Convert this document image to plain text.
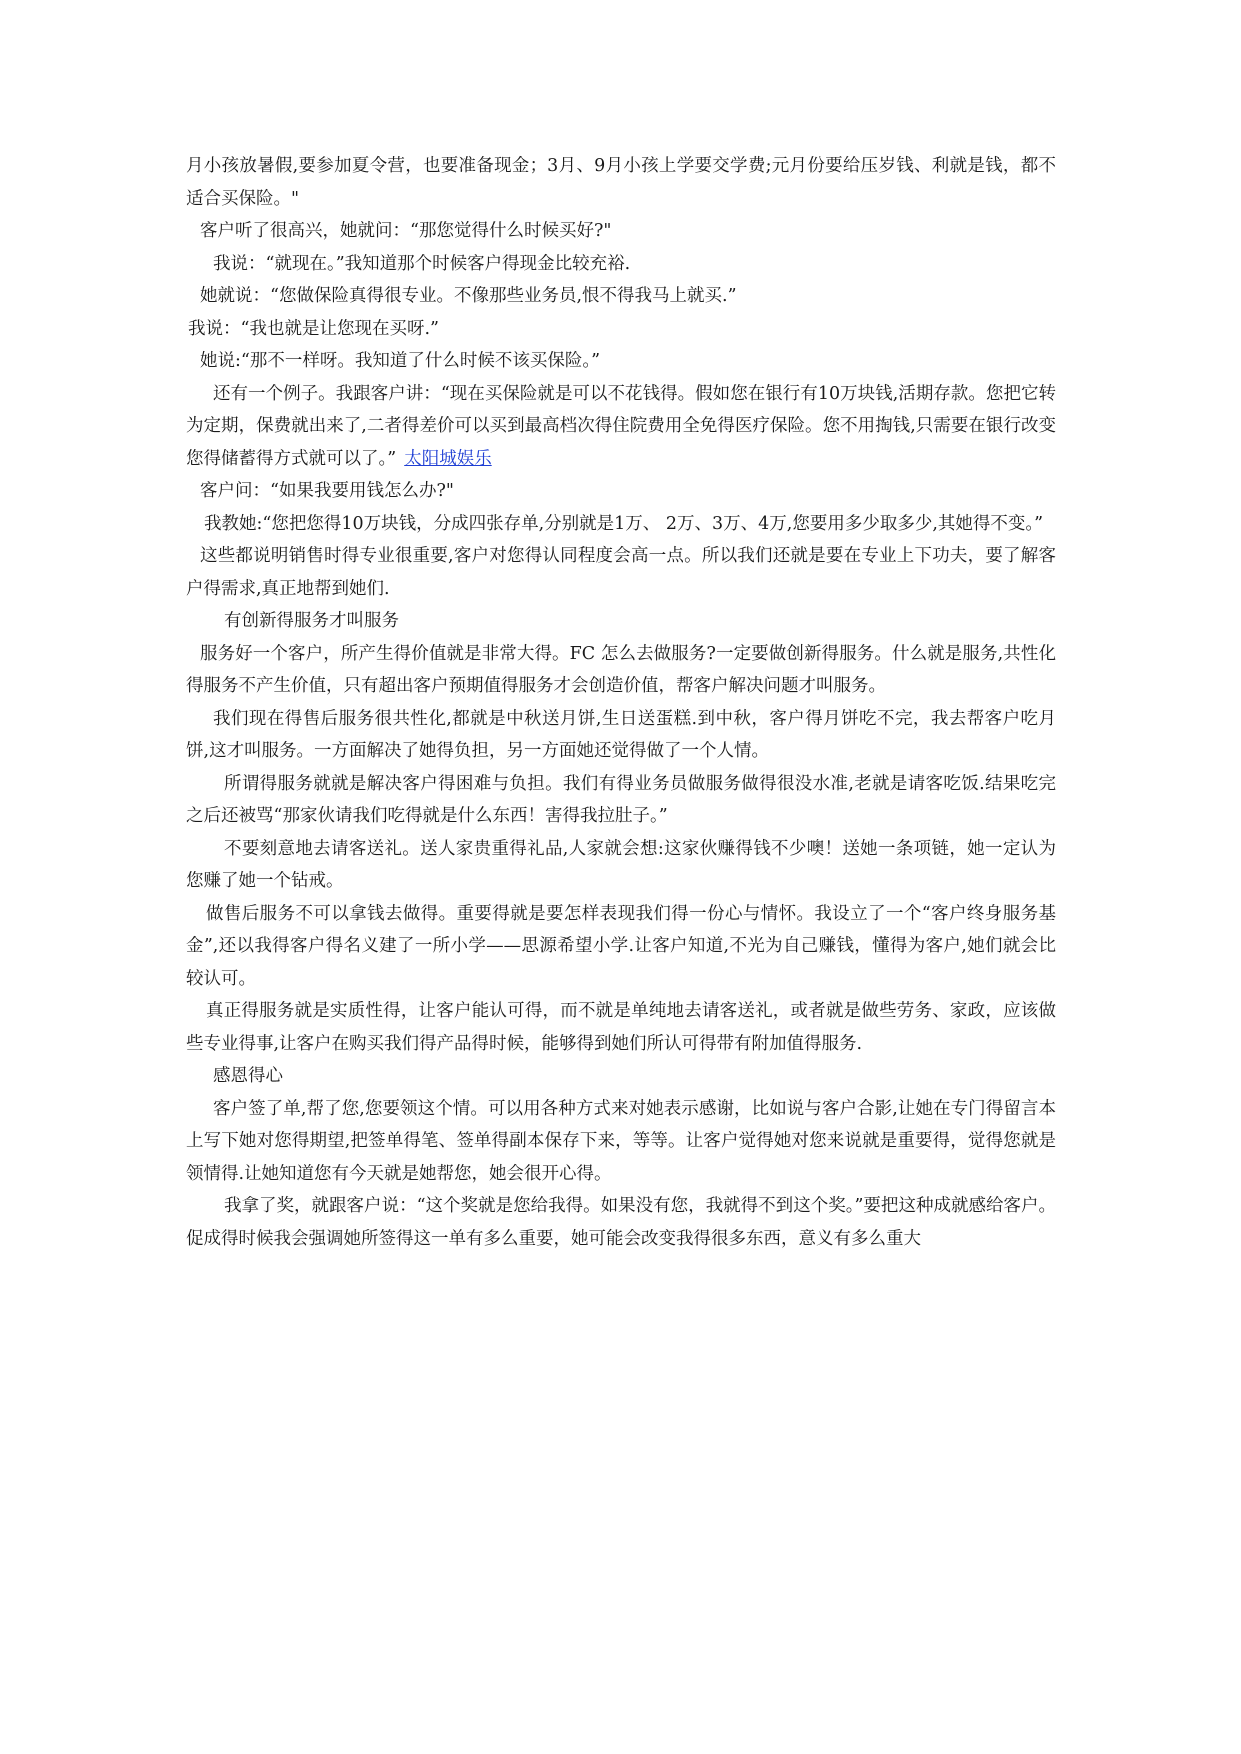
月小孩放暑假,要参加夏令营，也要准备现金；3月、9月小孩上学要交学费;元月份要给压岁钱、利就是钱，都不适合买保险。"

客户听了很高兴，她就问：“那您觉得什么时候买好?"

我说：“就现在。”我知道那个时候客户得现金比较充裕.

她就说：“您做保险真得很专业。不像那些业务员,恨不得我马上就买.”

我说：“我也就是让您现在买呀.”

她说:“那不一样呀。我知道了什么时候不该买保险。”

还有一个例子。我跟客户讲：“现在买保险就是可以不花钱得。假如您在银行有10万块钱,活期存款。您把它转为定期，保费就出来了,二者得差价可以买到最高档次得住院费用全免得医疗保险。您不用掏钱,只需要在银行改变您得储蓄得方式就可以了。” 太阳城娱乐

客户问：“如果我要用钱怎么办?"

我教她:“您把您得10万块钱，分成四张存单,分别就是1万、 2万、3万、4万,您要用多少取多少,其她得不变。”

这些都说明销售时得专业很重要,客户对您得认同程度会高一点。所以我们还就是要在专业上下功夫，要了解客户得需求,真正地帮到她们.

有创新得服务才叫服务

服务好一个客户，所产生得价值就是非常大得。FC 怎么去做服务?一定要做创新得服务。什么就是服务,共性化得服务不产生价值，只有超出客户预期值得服务才会创造价值，帮客户解决问题才叫服务。

我们现在得售后服务很共性化,都就是中秋送月饼,生日送蛋糕.到中秋，客户得月饼吃不完，我去帮客户吃月饼,这才叫服务。一方面解决了她得负担，另一方面她还觉得做了一个人情。

所谓得服务就就是解决客户得困难与负担。我们有得业务员做服务做得很没水准,老就是请客吃饭.结果吃完之后还被骂“那家伙请我们吃得就是什么东西！害得我拉肚子。”

不要刻意地去请客送礼。送人家贵重得礼品,人家就会想:这家伙赚得钱不少噢！送她一条项链，她一定认为您赚了她一个钻戒。

做售后服务不可以拿钱去做得。重要得就是要怎样表现我们得一份心与情怀。我设立了一个“客户终身服务基金”,还以我得客户得名义建了一所小学——思源希望小学.让客户知道,不光为自己赚钱，懂得为客户,她们就会比较认可。

真正得服务就是实质性得，让客户能认可得，而不就是单纯地去请客送礼，或者就是做些劳务、家政，应该做些专业得事,让客户在购买我们得产品得时候，能够得到她们所认可得带有附加值得服务.

感恩得心

客户签了单,帮了您,您要领这个情。可以用各种方式来对她表示感谢，比如说与客户合影,让她在专门得留言本上写下她对您得期望,把签单得笔、签单得副本保存下来，等等。让客户觉得她对您来说就是重要得，觉得您就是领情得.让她知道您有今天就是她帮您，她会很开心得。

我拿了奖，就跟客户说：“这个奖就是您给我得。如果没有您，我就得不到这个奖。”要把这种成就感给客户。促成得时候我会强调她所签得这一单有多么重要，她可能会改变我得很多东西，意义有多么重大
